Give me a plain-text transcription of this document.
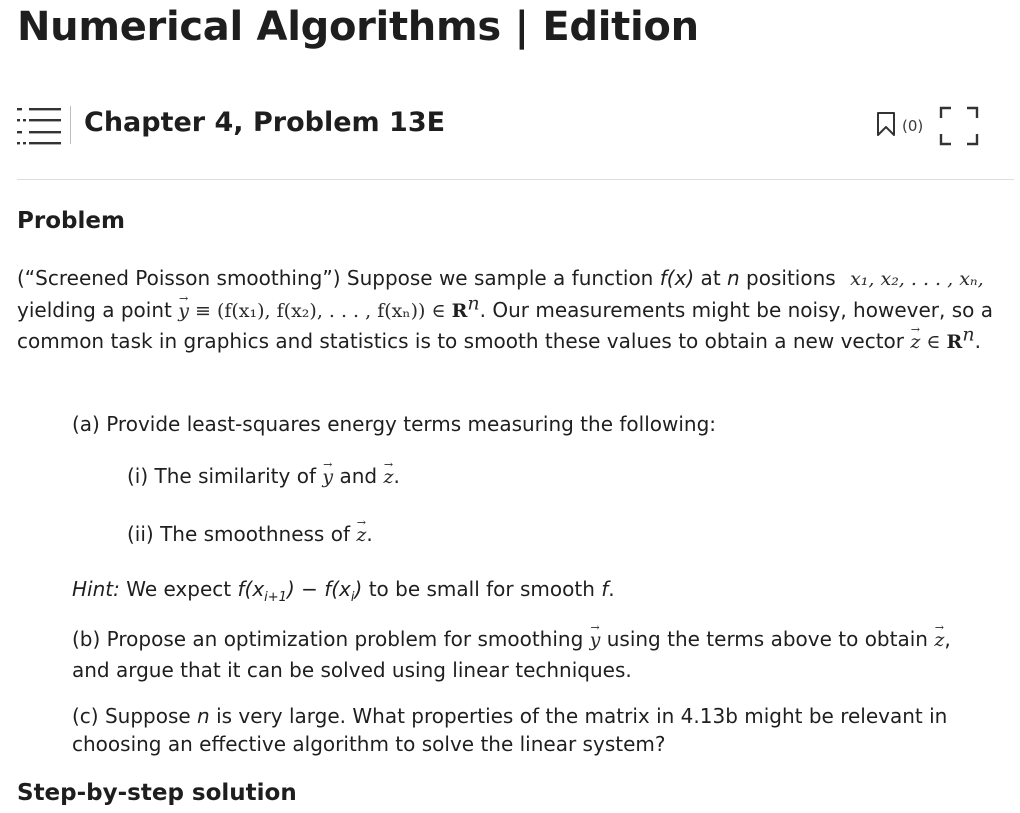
Numerical Algorithms | Edition
Chapter 4, Problem 13E	(0)
Problem

(“Screened Poisson smoothing”) Suppose we sample a function f(x) at n positions x₁, x₂, . . . , xₙ, yielding a point → y ≡ (f(x₁), f(x₂), . . . , f(xₙ)) ∈ $R^n$. Our measurements might be noisy, however, so a common task in graphics and statistics is to smooth these values to obtain a new vector → z ∈ $R^n$.

(a) Provide least-squares energy terms measuring the following:

(i) The similarity of → y and → z.

(ii) The smoothness of → z.

Hint: We expect $f(x_{i+1}) - f(x_i)$ to be small for smooth f.

(b) Propose an optimization problem for smoothing → y using the terms above to obtain → z,
and argue that it can be solved using linear techniques.

(c) Suppose n is very large. What properties of the matrix in 4.13b might be relevant in choosing an effective algorithm to solve the linear system?

Step-by-step solution
